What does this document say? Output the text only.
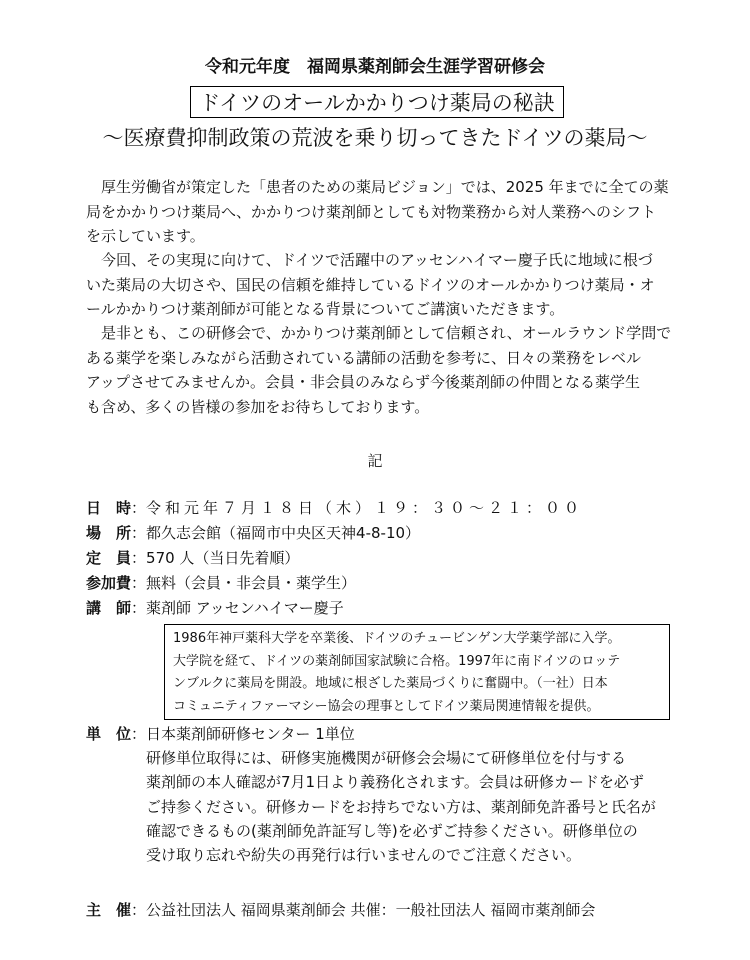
令和元年度　福岡県薬剤師会生涯学習研修会
ドイツのオールかかりつけ薬局の秘訣
～医療費抑制政策の荒波を乗り切ってきたドイツの薬局～
　厚生労働省が策定した「患者のための薬局ビジョン」では、2025 年までに全ての薬
局をかかりつけ薬局へ、かかりつけ薬剤師としても対物業務から対人業務へのシフト
を示しています。
　今回、その実現に向けて、ドイツで活躍中のアッセンハイマー慶子氏に地域に根づ
いた薬局の大切さや、国民の信頼を維持しているドイツのオールかかりつけ薬局・オ
ールかかりつけ薬剤師が可能となる背景についてご講演いただきます。
　是非とも、この研修会で、かかりつけ薬剤師として信頼され、オールラウンド学問で
ある薬学を楽しみながら活動されている講師の活動を参考に、日々の業務をレベル
アップさせてみませんか。会員・非会員のみならず今後薬剤師の仲間となる薬学生
も含め、多くの皆様の参加をお待ちしております。
記
日　時：令和元年７月１８日（木）１９：３０～２１：００
場　所：都久志会館（福岡市中央区天神4-8-10）
定　員：570 人（当日先着順）
参加費：無料（会員・非会員・薬学生）
講　師：薬剤師 アッセンハイマー慶子
1986年神戸薬科大学を卒業後、ドイツのチュービンゲン大学薬学部に入学。
大学院を経て、ドイツの薬剤師国家試験に合格。1997年に南ドイツのロッテ
ンブルクに薬局を開設。地域に根ざした薬局づくりに奮闘中。（一社）日本
コミュニティファーマシー協会の理事としてドイツ薬局関連情報を提供。
単　位：日本薬剤師研修センター 1単位
研修単位取得には、研修実施機関が研修会会場にて研修単位を付与する
薬剤師の本人確認が7月1日より義務化されます。会員は研修カードを必ず
ご持参ください。研修カードをお持ちでない方は、薬剤師免許番号と氏名が
確認できるもの(薬剤師免許証写し等)を必ずご持参ください。研修単位の
受け取り忘れや紛失の再発行は行いませんのでご注意ください。
主　催：公益社団法人 福岡県薬剤師会 共催：一般社団法人 福岡市薬剤師会
